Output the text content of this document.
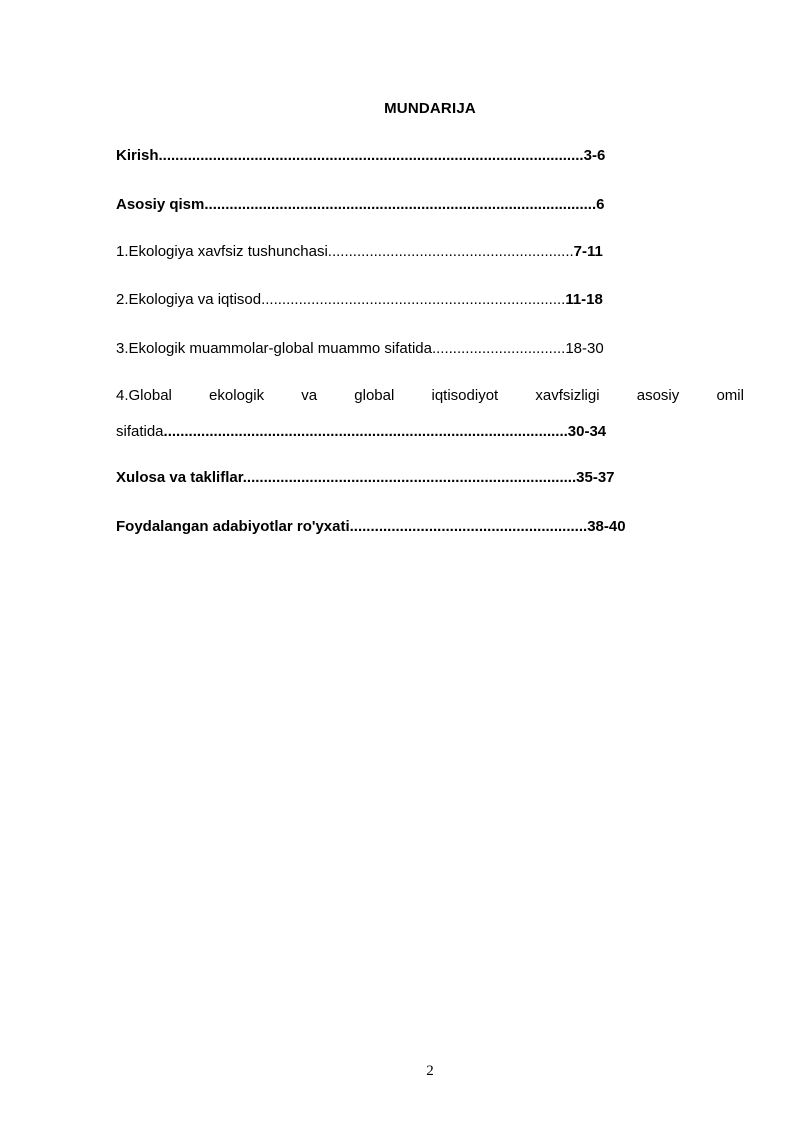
MUNDARIJA
Kirish......................................................................................................3-6
Asosiy qism..............................................................................................6
1.Ekologiya xavfsiz tushunchasi...........................................................7-11
2.Ekologiya va iqtisod.........................................................................11-18
3.Ekologik muammolar-global muammo sifatida................................18-30
4.Global ekologik va global iqtisodiyot xavfsizligi asosiy omil
sifatida.................................................................................................30-34
Xulosa va takliflar................................................................................35-37
Foydalangan adabiyotlar ro'yxati.........................................................38-40
2
